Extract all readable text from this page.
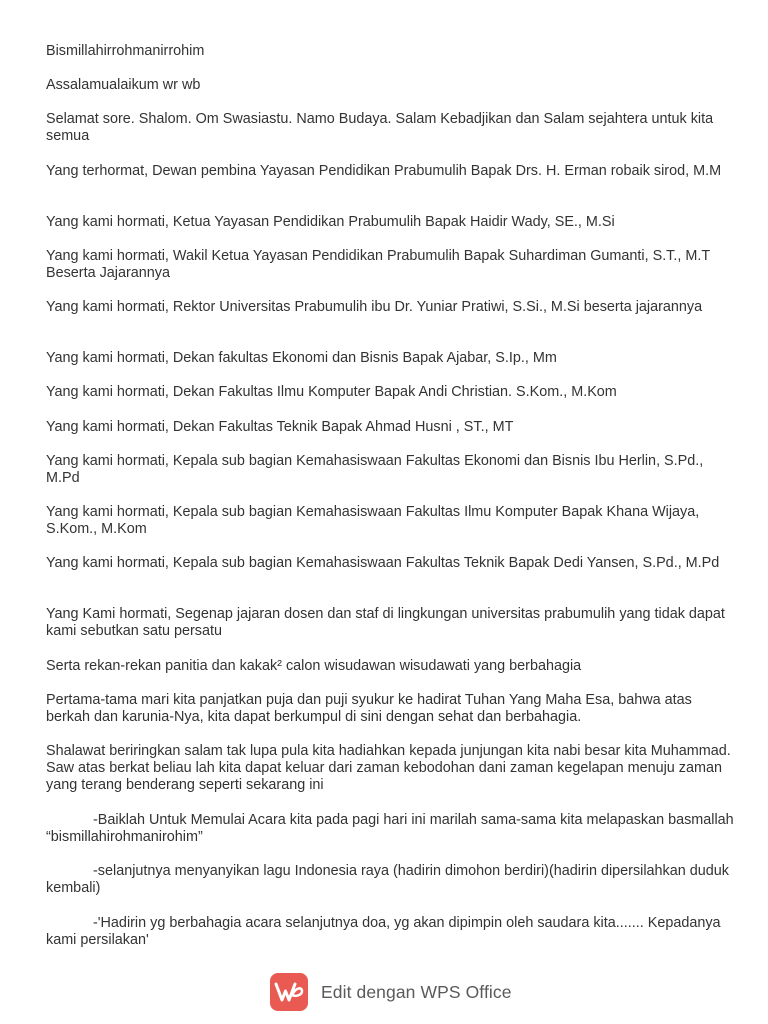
Bismillahirrohmanirrohim

Assalamualaikum wr wb

Selamat sore. Shalom. Om Swasiastu. Namo Budaya. Salam Kebadjikan dan Salam sejahtera untuk kita semua

Yang terhormat, Dewan pembina Yayasan Pendidikan Prabumulih Bapak Drs. H. Erman robaik sirod, M.M

Yang kami hormati, Ketua Yayasan Pendidikan Prabumulih Bapak Haidir Wady, SE., M.Si

Yang kami hormati, Wakil Ketua Yayasan Pendidikan Prabumulih Bapak Suhardiman Gumanti, S.T., M.T Beserta Jajarannya

Yang kami hormati, Rektor Universitas Prabumulih ibu Dr. Yuniar Pratiwi, S.Si., M.Si beserta jajarannya

Yang kami hormati, Dekan fakultas Ekonomi dan Bisnis Bapak Ajabar, S.Ip., Mm

Yang kami hormati, Dekan Fakultas Ilmu Komputer Bapak Andi Christian. S.Kom., M.Kom

Yang kami hormati, Dekan Fakultas Teknik Bapak Ahmad Husni , ST., MT

Yang kami hormati, Kepala sub bagian Kemahasiswaan Fakultas Ekonomi dan Bisnis Ibu Herlin, S.Pd., M.Pd

Yang kami hormati, Kepala sub bagian Kemahasiswaan Fakultas Ilmu Komputer Bapak Khana Wijaya, S.Kom., M.Kom

Yang kami hormati, Kepala sub bagian Kemahasiswaan Fakultas Teknik Bapak Dedi Yansen, S.Pd., M.Pd

Yang Kami hormati, Segenap jajaran dosen dan staf di lingkungan universitas prabumulih yang tidak dapat kami sebutkan satu persatu

Serta rekan-rekan panitia dan kakak² calon wisudawan wisudawati yang berbahagia

Pertama-tama mari kita panjatkan puja dan puji syukur ke hadirat Tuhan Yang Maha Esa, bahwa atas berkah dan karunia-Nya, kita dapat berkumpul di sini dengan sehat dan berbahagia.

Shalawat beriringkan salam tak lupa pula kita hadiahkan kepada junjungan kita nabi besar kita Muhammad. Saw atas berkat beliau lah kita dapat keluar dari zaman kebodohan dani zaman kegelapan menuju zaman yang terang benderang seperti sekarang ini

-Baiklah Untuk Memulai Acara kita pada pagi hari ini marilah sama-sama kita melapaskan basmallah “bismillahirohmanirohim”

-selanjutnya menyanyikan lagu Indonesia raya (hadirin dimohon berdiri)(hadirin dipersilahkan duduk kembali)

-'Hadirin yg berbahagia acara selanjutnya doa, yg akan dipimpin oleh saudara kita....... Kepadanya kami persilakan'

Edit dengan WPS Office
